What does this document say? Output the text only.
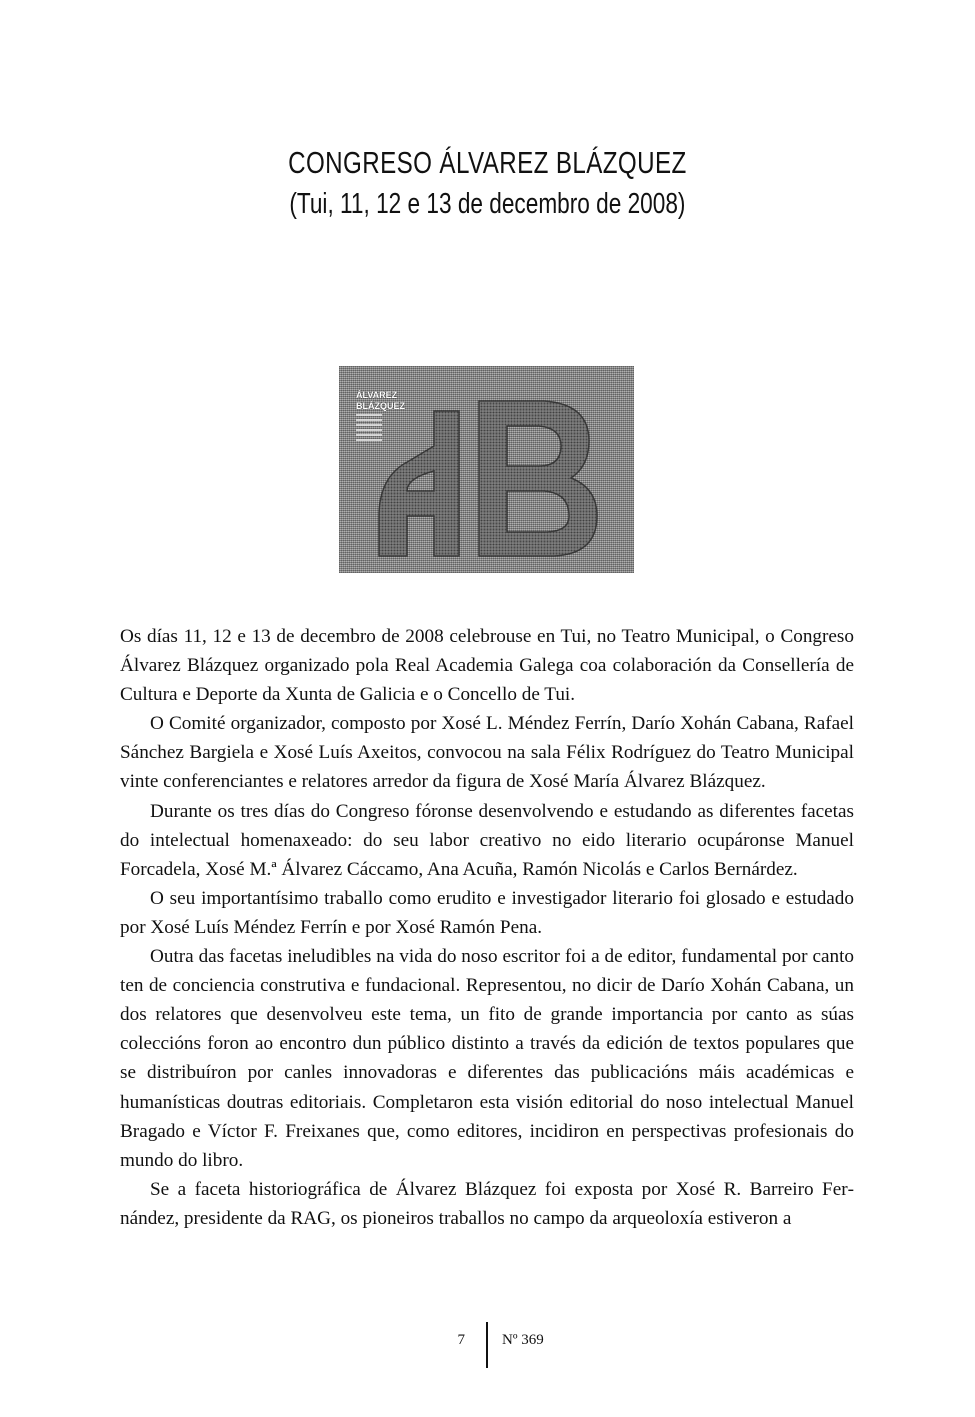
CONGRESO ÁLVAREZ BLÁZQUEZ
(Tui, 11, 12 e 13 de decembro de 2008)
ÁLVAREZ
BLÁZQUEZ

Os días 11, 12 e 13 de decembro de 2008 celebrouse en Tui, no Teatro Municipal, o Congreso Álvarez Blázquez organizado pola Real Academia Galega coa colaboración da Consellería de Cultura e Deporte da Xunta de Galicia e o Concello de Tui.

O Comité organizador, composto por Xosé L. Méndez Ferrín, Darío Xohán Cabana, Rafael Sánchez Bargiela e Xosé Luís Axeitos, convocou na sala Félix Rodríguez do Teatro Municipal vinte conferenciantes e relatores arredor da figura de Xosé María Álvarez Blázquez.

Durante os tres días do Congreso fóronse desenvolvendo e estudando as diferentes facetas do intelectual homenaxeado: do seu labor creativo no eido literario ocupáronse Manuel Forcadela, Xosé M.ª Álvarez Cáccamo, Ana Acuña, Ramón Nicolás e Carlos Bernárdez.

O seu importantísimo traballo como erudito e investigador literario foi glosado e estudado por Xosé Luís Méndez Ferrín e por Xosé Ramón Pena.

Outra das facetas ineludibles na vida do noso escritor foi a de editor, fundamental por canto ten de conciencia construtiva e fundacional. Representou, no dicir de Darío Xohán Cabana, un dos relatores que desenvolveu este tema, un fito de grande importancia por canto as súas coleccións foron ao encontro dun público distinto a través da edición de textos populares que se distribuíron por canles innovadoras e diferentes das publicacións máis académicas e humanísticas doutras editoriais. Completaron esta visión editorial do noso intelectual Manuel Bragado e Víctor F. Freixanes que, como editores, incidiron en perspectivas profesionais do mundo do libro.

Se a faceta historiográfica de Álvarez Blázquez foi exposta por Xosé R. Barreiro Fernández, presidente da RAG, os pioneiros traballos no campo da arqueoloxía estiveron a

7 Nº 369
